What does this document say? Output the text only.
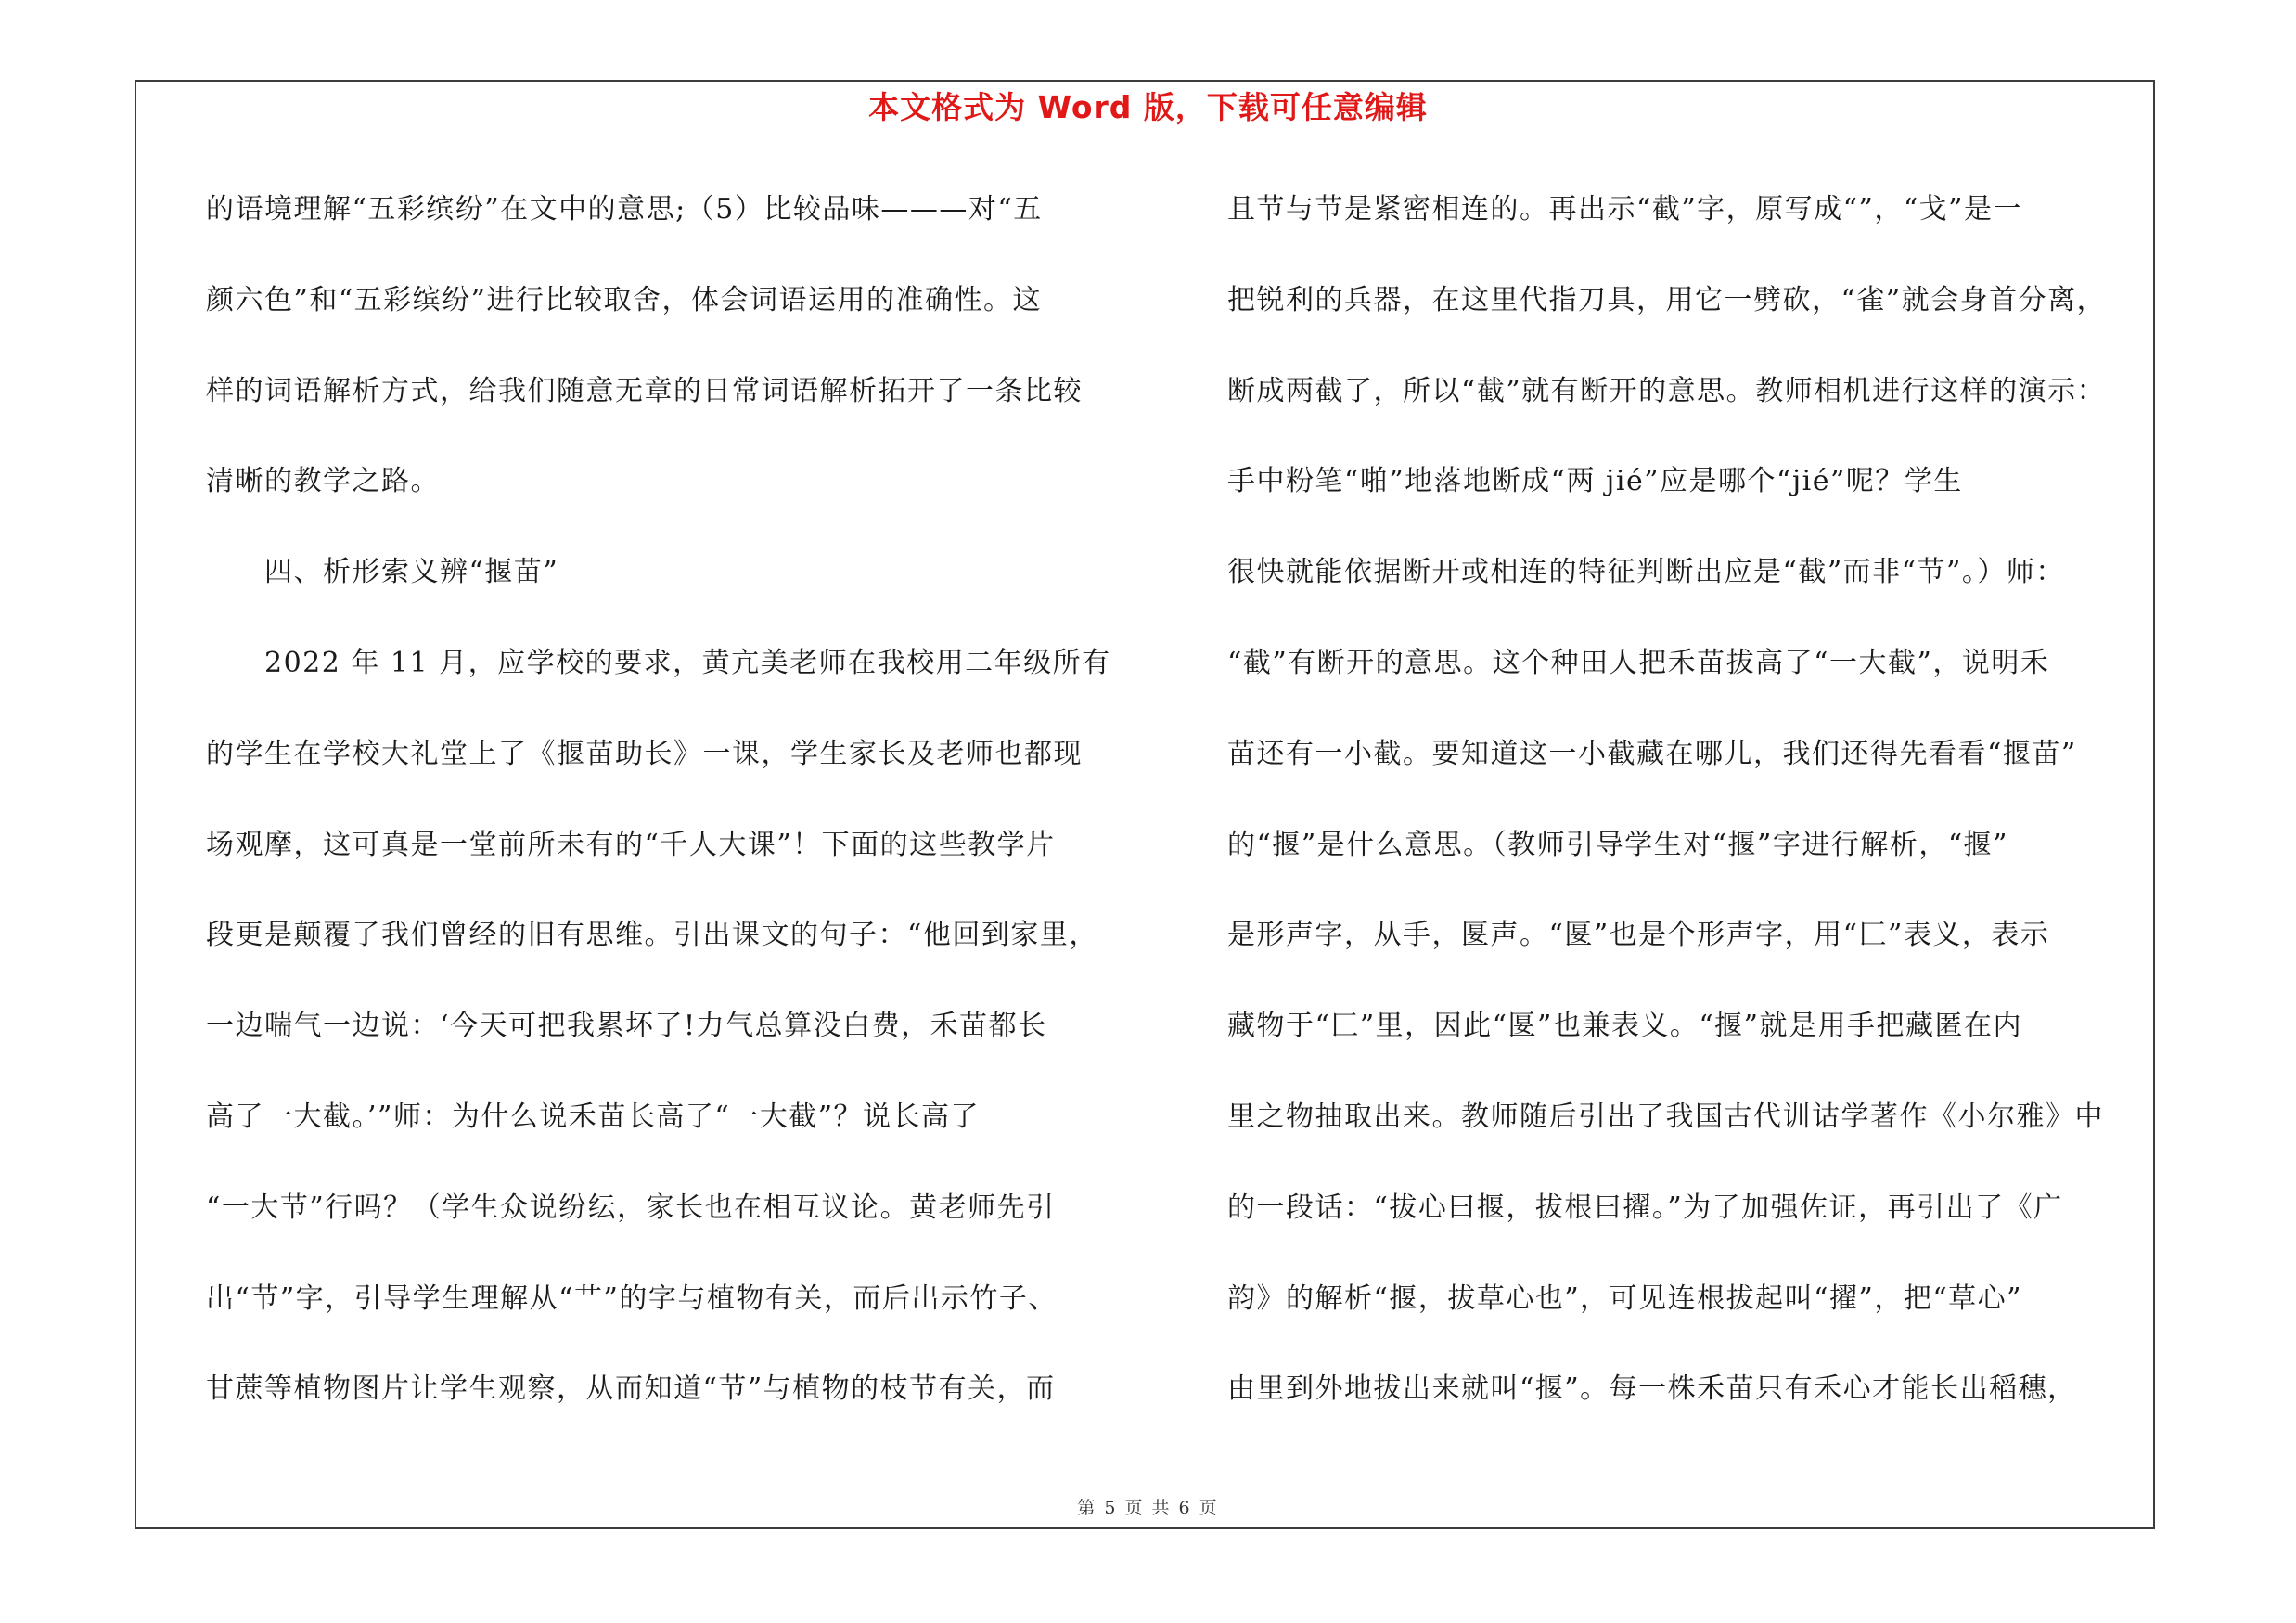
本文格式为 Word 版，下载可任意编辑
的语境理解“五彩缤纷”在文中的意思;（5）比较品味———对“五
颜六色”和“五彩缤纷”进行比较取舍，体会词语运用的准确性。这
样的词语解析方式，给我们随意无章的日常词语解析拓开了一条比较
清晰的教学之路。
　　四、析形索义辨“揠苗”
　　2022 年 11 月，应学校的要求，黄亢美老师在我校用二年级所有
的学生在学校大礼堂上了《揠苗助长》一课，学生家长及老师也都现
场观摩，这可真是一堂前所未有的“千人大课”！下面的这些教学片
段更是颠覆了我们曾经的旧有思维。引出课文的句子：“他回到家里，
一边喘气一边说：‘今天可把我累坏了!力气总算没白费，禾苗都长
高了一大截。’”师：为什么说禾苗长高了“一大截”？说长高了
“一大节”行吗？（学生众说纷纭，家长也在相互议论。黄老师先引
出“节”字，引导学生理解从“艹”的字与植物有关，而后出示竹子、
甘蔗等植物图片让学生观察，从而知道“节”与植物的枝节有关，而
且节与节是紧密相连的。再出示“截”字，原写成“”，“戈”是一
把锐利的兵器，在这里代指刀具，用它一劈砍，“雀”就会身首分离，
断成两截了，所以“截”就有断开的意思。教师相机进行这样的演示：
手中粉笔“啪”地落地断成“两 jié”应是哪个“jié”呢？学生
很快就能依据断开或相连的特征判断出应是“截”而非“节”。）师：
“截”有断开的意思。这个种田人把禾苗拔高了“一大截”，说明禾
苗还有一小截。要知道这一小截藏在哪儿，我们还得先看看“揠苗”
的“揠”是什么意思。（教师引导学生对“揠”字进行解析，“揠”
是形声字，从手，匽声。“匽”也是个形声字，用“匚”表义，表示
藏物于“匚”里，因此“匽”也兼表义。“揠”就是用手把藏匿在内
里之物抽取出来。教师随后引出了我国古代训诂学著作《小尔雅》中
的一段话：“拔心曰揠，拔根曰擢。”为了加强佐证，再引出了《广
韵》的解析“揠，拔草心也”，可见连根拔起叫“擢”，把“草心”
由里到外地拔出来就叫“揠”。每一株禾苗只有禾心才能长出稻穗，
第 5 页 共 6 页
